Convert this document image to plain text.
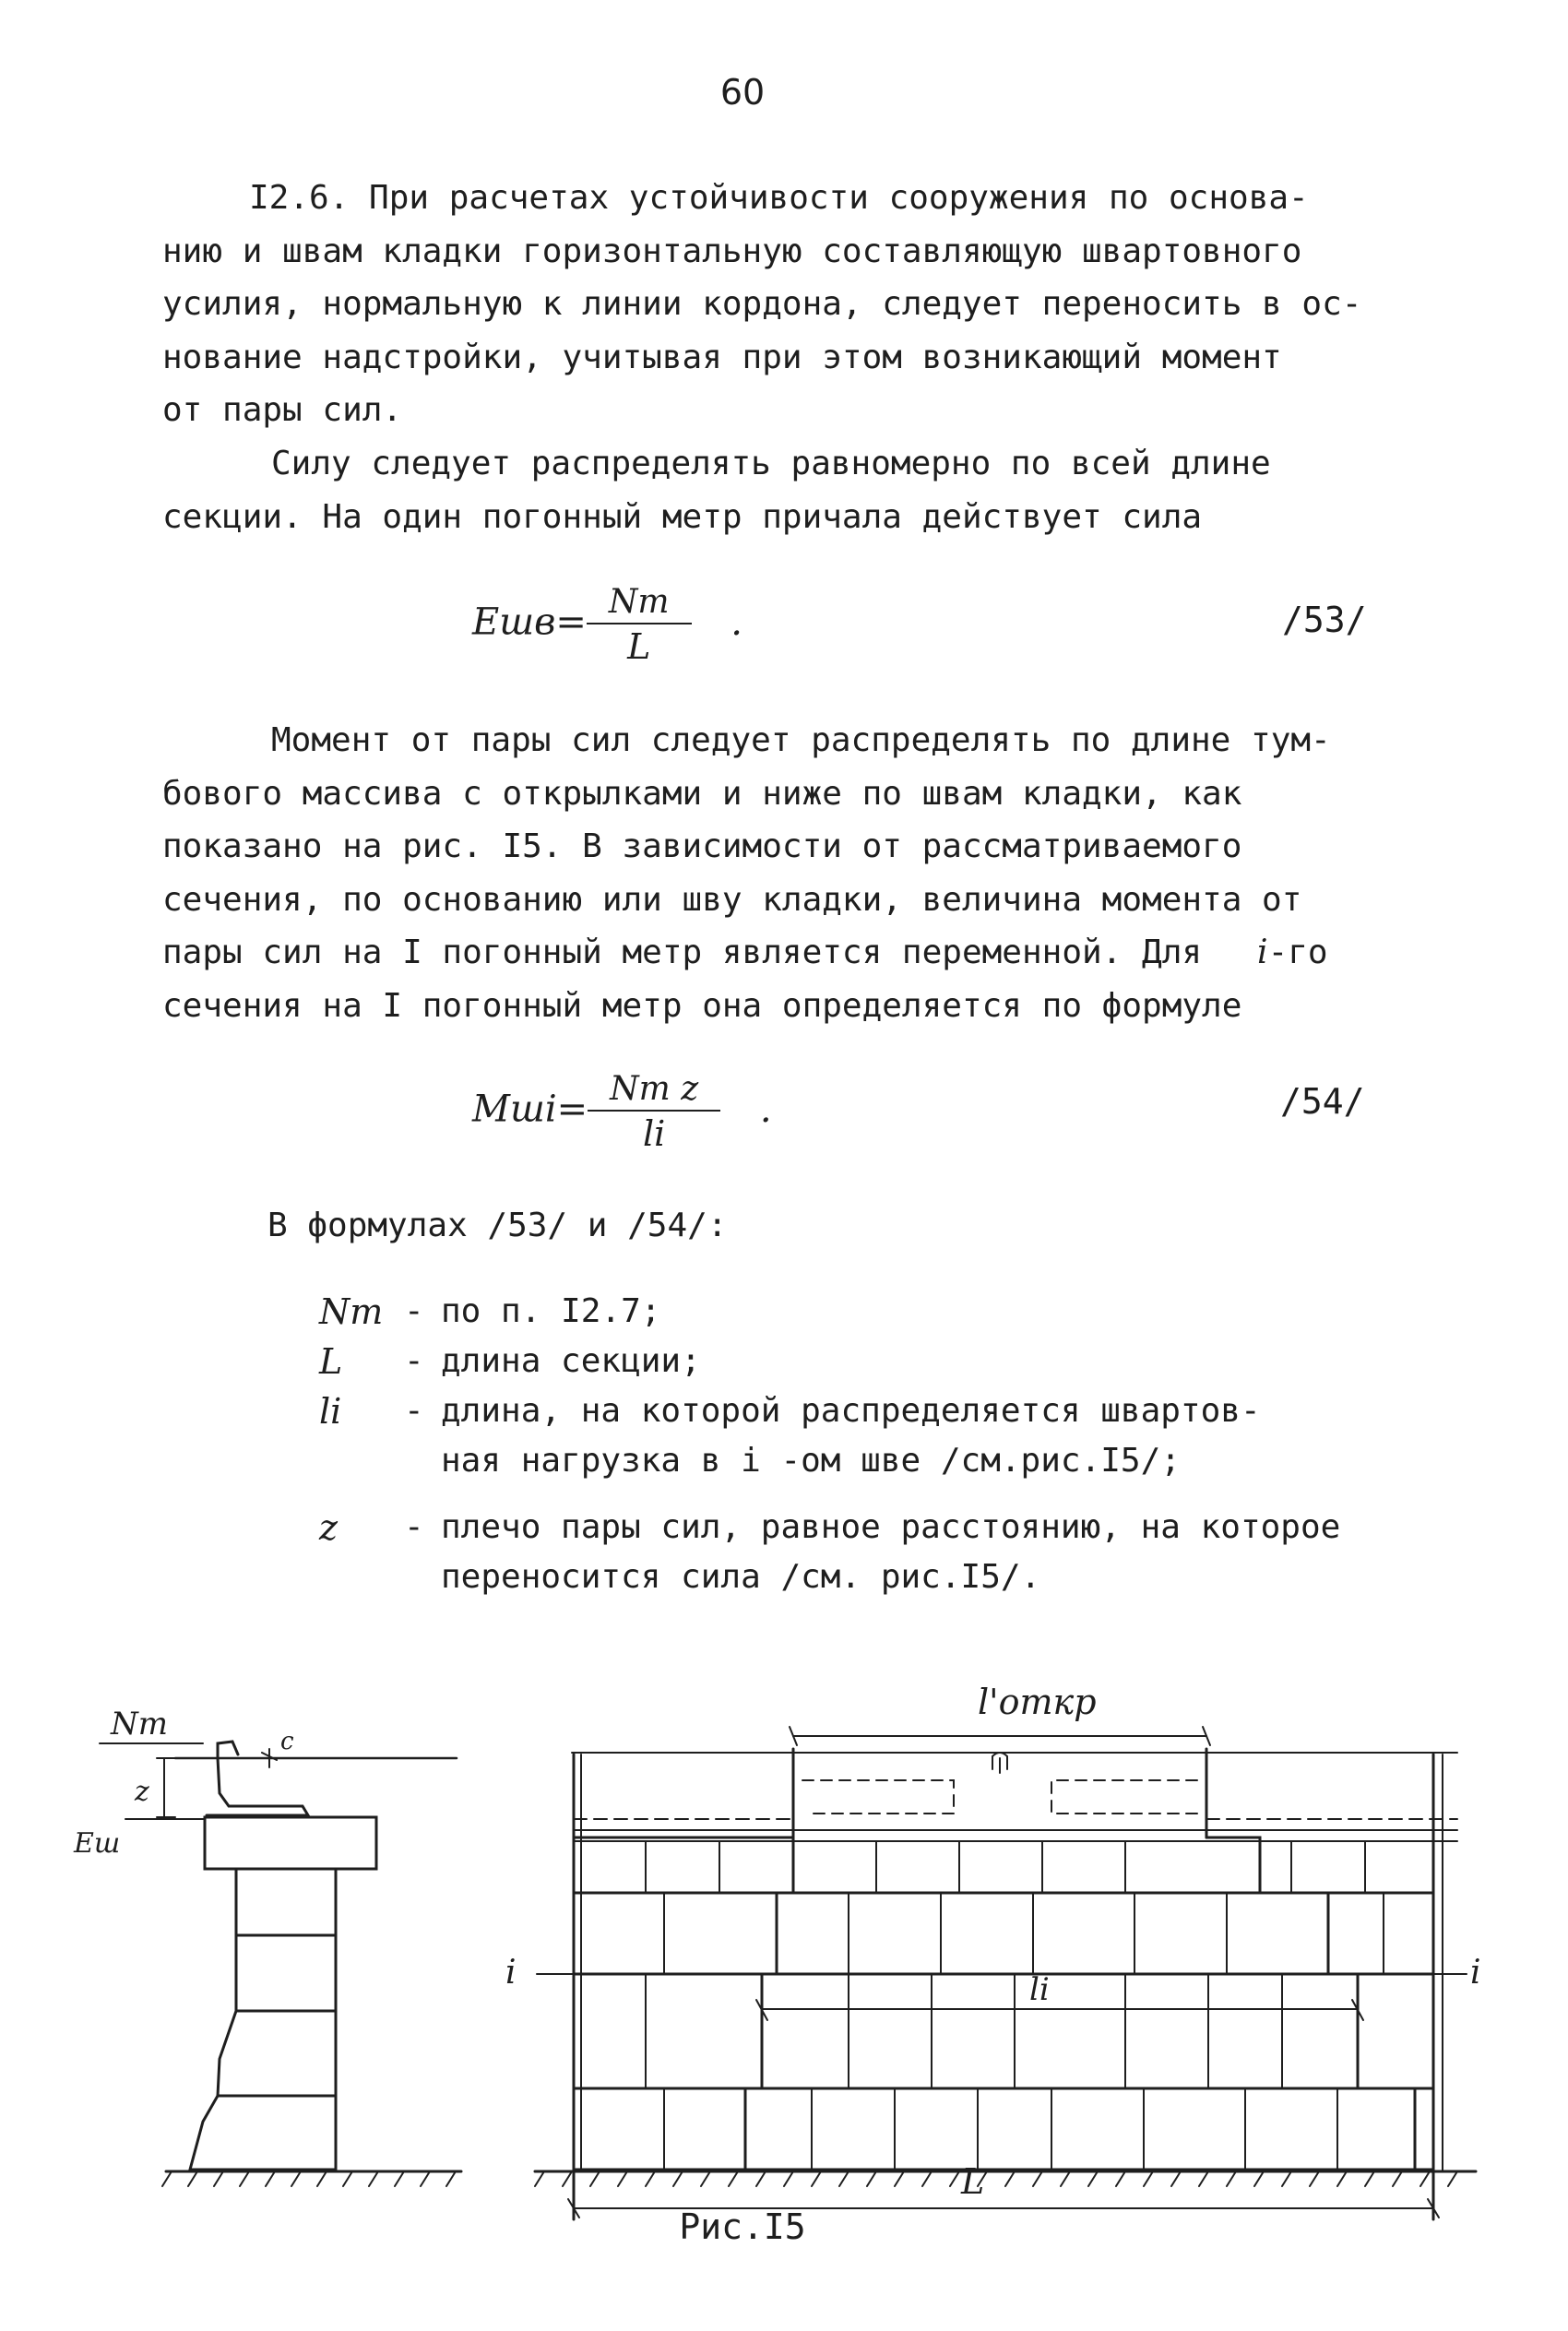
60
I2.6. При расчетах устойчивости сооружения по основа-
нию и швам кладки горизонтальную составляющую швартовного
усилия, нормальную к линии кордона, следует переносить в ос-
нование надстройки, учитывая при этом возникающий момент
от пары сил.
Силу следует распределять равномерно по всей длине
секции. На один погонный метр причала действует сила
$Eшв= \frac{Nm}{L}$ .	/53/
Момент от пары сил следует распределять по длине тум-
бового массива с открылками и ниже по швам кладки, как
показано на рис. I5. В зависимости от рассматриваемого
сечения, по основанию или шву кладки, величина момента от
пары сил на I погонный метр является переменной. Для i-го
сечения на I погонный метр она определяется по формуле
$Mшi= \frac{\text{Nm z}}{li}$ .	/54/
В формулах /53/ и /54/:
Nm - по п. I2.7;
L	- длина секции;
li	- длина, на которой распределяется швартов-
ная нагрузка в i -ом шве /см.рис.I5/;
z	- плечо пары сил, равное расстоянию, на которое
переносится сила /см. рис.I5/.
Nm	c
z
Eш
l'откр
i	i
li
L
Рис.I5
